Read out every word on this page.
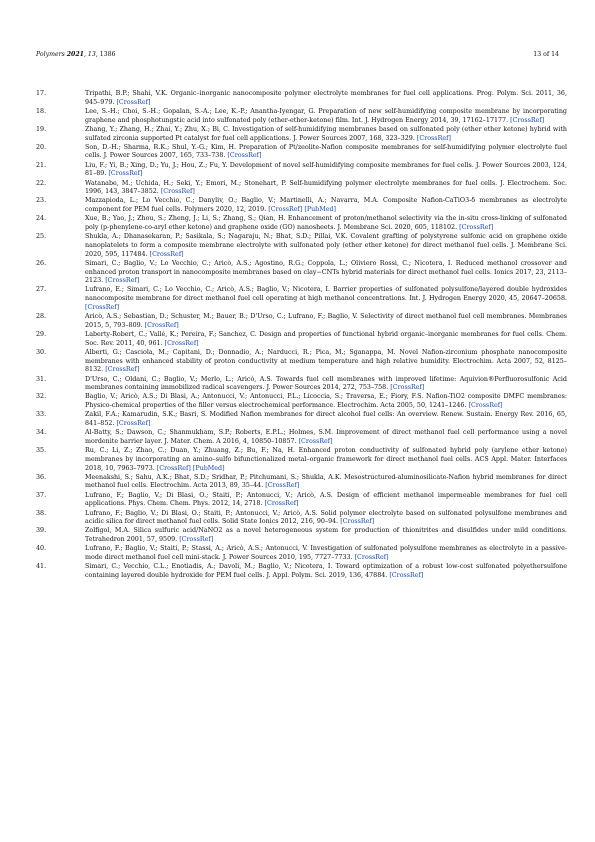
Polymers 2021, 13, 1386	13 of 14
17.	Tripathi, B.P.; Shahi, V.K. Organic–inorganic nanocomposite polymer electrolyte membranes for fuel cell applications. Prog. Polym. Sci. 2011, 36, 945–979. [CrossRef]
18.	Lee, S.-H.; Choi, S.-H.; Gopalan, S.-A.; Lee, K.-P.; Anantha-Iyengar, G. Preparation of new self-humidifying composite membrane by incorporating graphene and phosphotungstic acid into sulfonated poly (ether-ether-ketone) film. Int. J. Hydrogen Energy 2014, 39, 17162–17177. [CrossRef]
19.	Zhang, Y.; Zhang, H.; Zhai, Y.; Zhu, X.; Bi, C. Investigation of self-humidifying membranes based on sulfonated poly (ether ether ketone) hybrid with sulfated zirconia supported Pt catalyst for fuel cell applications. J. Power Sources 2007, 168, 323–329. [CrossRef]
20.	Son, D.-H.; Sharma, R.K.; Shul, Y.-G.; Kim, H. Preparation of Pt/zeolite-Nafion composite membranes for self-humidifying polymer electrolyte fuel cells. J. Power Sources 2007, 165, 733–738. [CrossRef]
21.	Liu, F.; Yi, B.; Xing, D.; Yu, J.; Hou, Z.; Fu, Y. Development of novel self-humidifying composite membranes for fuel cells. J. Power Sources 2003, 124, 81–89. [CrossRef]
22.	Watanabe, M.; Uchida, H.; Seki, Y.; Emori, M.; Stonehart, P. Self-humidifying polymer electrolyte membranes for fuel cells. J. Electrochem. Soc. 1996, 143, 3847–3852. [CrossRef]
23.	Mazzapioda, L.; Lo Vecchio, C.; Danyliv, O.; Baglio, V.; Martinelli, A.; Navarra, M.A. Composite Nafion-CaTiO3-δ membranes as electrolyte component for PEM fuel cells. Polymers 2020, 12, 2019. [CrossRef] [PubMed]
24.	Xue, B.; Yao, J.; Zhou, S.; Zheng, J.; Li, S.; Zhang, S.; Qian, H. Enhancement of proton/methanol selectivity via the in-situ cross-linking of sulfonated poly (p-phenylene-co-aryl ether ketone) and graphene oxide (GO) nanosheets. J. Membrane Sci. 2020, 605, 118102. [CrossRef]
25.	Shukla, A.; Dhanasekaran, P.; Sasikala, S.; Nagaraju, N.; Bhat, S.D.; Pillai, V.K. Covalent grafting of polystyrene sulfonic acid on graphene oxide nanoplatelets to form a composite membrane electrolyte with sulfonated poly (ether ether ketone) for direct methanol fuel cells. J. Membrane Sci. 2020, 595, 117484. [CrossRef]
26.	Simari, C.; Baglio, V.; Lo Vecchio, C.; Aricò, A.S.; Agostino, R.G.; Coppola, L.; Oliviero Rossi, C.; Nicotera, I. Reduced methanol crossover and enhanced proton transport in nanocomposite membranes based on clay−CNTs hybrid materials for direct methanol fuel cells. Ionics 2017, 23, 2113–2123. [CrossRef]
27.	Lufrano, E.; Simari, C.; Lo Vecchio, C.; Aricò, A.S.; Baglio, V.; Nicotera, I. Barrier properties of sulfonated polysulfone/layered double hydroxides nanocomposite membrane for direct methanol fuel cell operating at high methanol concentrations. Int. J. Hydrogen Energy 2020, 45, 20647–20658. [CrossRef]
28.	Aricò, A.S.; Sebastian, D.; Schuster, M.; Bauer, B.; D'Urso, C.; Lufrano, F.; Baglio, V. Selectivity of direct methanol fuel cell membranes. Membranes 2015, 5, 793–809. [CrossRef]
29.	Laberty-Robert, C.; Vallé, K.; Pereira, F.; Sanchez, C. Design and properties of functional hybrid organic–inorganic membranes for fuel cells. Chem. Soc. Rev. 2011, 40, 961. [CrossRef]
30.	Alberti, G.; Casciola, M.; Capitani, D.; Donnadio, A.; Narducci, R.; Pica, M.; Sganappa, M. Novel Nafion-zirconium phosphate nanocomposite membranes with enhanced stability of proton conductivity at medium temperature and high relative humidity. Electrochim. Acta 2007, 52, 8125–8132. [CrossRef]
31.	D'Urso, C.; Oldani, C.; Baglio, V.; Merlo, L.; Aricò, A.S. Towards fuel cell membranes with improved lifetime: Aquivion®Perfluorosulfonic Acid membranes containing immobilized radical scavengers. J. Power Sources 2014, 272, 753–758. [CrossRef]
32.	Baglio, V.; Aricò, A.S.; Di Blasi, A.; Antonucci, V.; Antonucci, P.L.; Licoccia, S.; Traversa, E.; Fiory, F.S. Nafion-TiO2 composite DMFC membranes: Physico-chemical properties of the filler versus electrochemical performance. Electrochim. Acta 2005, 50, 1241–1246. [CrossRef]
33.	Zakil, F.A.; Kamarudin, S.K.; Basri, S. Modified Nafion membranes for direct alcohol fuel cells: An overview. Renew. Sustain. Energy Rev. 2016, 65, 841–852. [CrossRef]
34.	Al-Batty, S.; Dawson, C.; Shanmukham, S.P.; Roberts, E.P.L.; Holmes, S.M. Improvement of direct methanol fuel cell performance using a novel mordenite barrier layer. J. Mater. Chem. A 2016, 4, 10850–10857. [CrossRef]
35.	Ru, C.; Li, Z.; Zhao, C.; Duan, Y.; Zhuang, Z.; Bu, F.; Na, H. Enhanced proton conductivity of sulfonated hybrid poly (arylene ether ketone) membranes by incorporating an amino–sulfo bifunctionalized metal–organic framework for direct methanol fuel cells. ACS Appl. Mater. Interfaces 2018, 10, 7963–7973. [CrossRef] [PubMed]
36.	Meenakshi, S.; Sahu, A.K.; Bhat, S.D.; Sridhar, P.; Pitchumani, S.; Shukla, A.K. Mesostructured-aluminosilicate-Nafion hybrid membranes for direct methanol fuel cells. Electrochim. Acta 2013, 89, 35–44. [CrossRef]
37.	Lufrano, F.; Baglio, V.; Di Blasi, O.; Staiti, P.; Antonucci, V.; Aricò, A.S. Design of efficient methanol impermeable membranes for fuel cell applications. Phys. Chem. Chem. Phys. 2012, 14, 2718. [CrossRef]
38.	Lufrano, F.; Baglio, V.; Di Blasi, O.; Staiti, P.; Antonucci, V.; Aricò, A.S. Solid polymer electrolyte based on sulfonated polysulfone membranes and acidic silica for direct methanol fuel cells. Solid State Ionics 2012, 216, 90–94. [CrossRef]
39.	Zolfigol, M.A. Silica sulfuric acid/NaNO2 as a novel heterogeneous system for production of thionitrites and disulfides under mild conditions. Tetrahedron 2001, 57, 9509. [CrossRef]
40.	Lufrano, F.; Baglio, V.; Staiti, P.; Stassi, A.; Aricò, A.S.; Antonucci, V. Investigation of sulfonated polysulfone membranes as electrolyte in a passive-mode direct methanol fuel cell mini-stack. J. Power Sources 2010, 195, 7727–7733. [CrossRef]
41.	Simari, C.; Vecchio, C.L.; Enotiadis, A.; Davoli, M.; Baglio, V.; Nicotera, I. Toward optimization of a robust low-cost sulfonated polyethersulfone containing layered double hydroxide for PEM fuel cells. J. Appl. Polym. Sci. 2019, 136, 47884. [CrossRef]
